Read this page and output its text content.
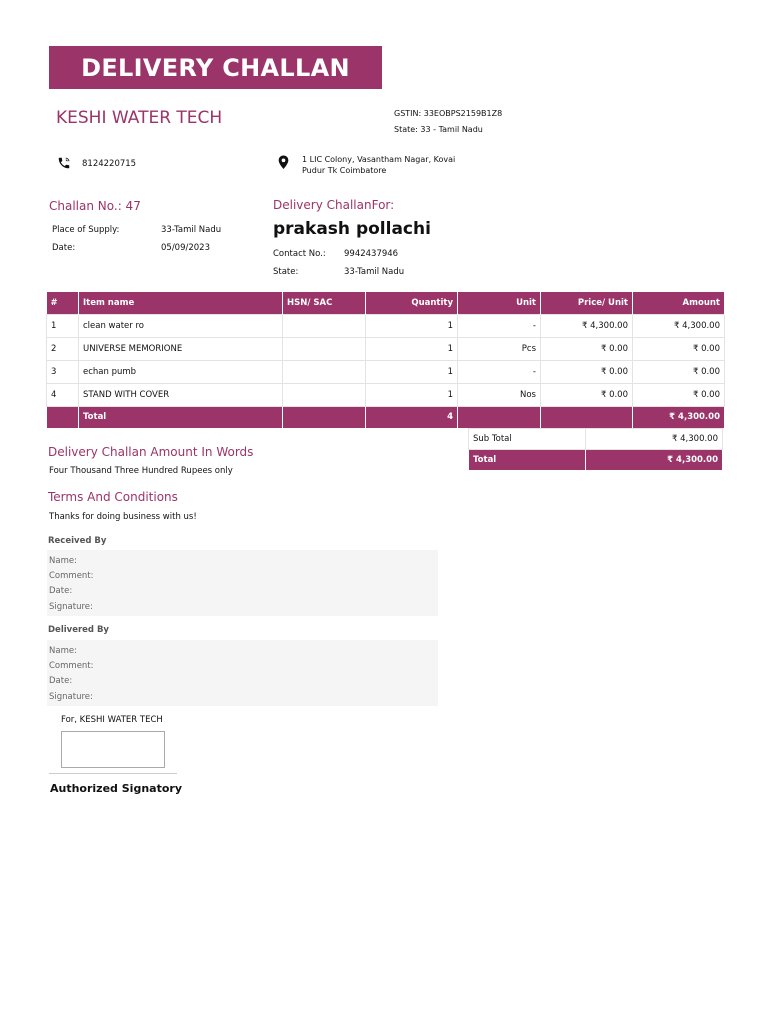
DELIVERY CHALLAN
KESHI WATER TECH	GSTIN: 33EOBPS2159B1Z8
State: 33 - Tamil Nadu
8124220715	1 LIC Colony, Vasantham Nagar, Kovai
Pudur Tk Coimbatore
Challan No.: 47
Place of Supply:	33-Tamil Nadu
Date:	05/09/2023
Delivery ChallanFor:
prakash pollachi
Contact No.: 9942437946
State:	33-Tamil Nadu
#	Item name	HSN/ SAC	Quantity	Unit	Price/ Unit	Amount
1	clean water ro		1	-	₹ 4,300.00	₹ 4,300.00
2	UNIVERSE MEMORIONE		1	Pcs	₹ 0.00	₹ 0.00
3	echan pumb		1	-	₹ 0.00	₹ 0.00
4	STAND WITH COVER		1	Nos	₹ 0.00	₹ 0.00
	Total		4			₹ 4,300.00
Sub Total	₹ 4,300.00
Total	₹ 4,300.00
Delivery Challan Amount In Words
Four Thousand Three Hundred Rupees only
Terms And Conditions
Thanks for doing business with us!
Received By
Name:
Comment:
Date:
Signature:
Delivered By
Name:
Comment:
Date:
Signature:
For, KESHI WATER TECH
Authorized Signatory
